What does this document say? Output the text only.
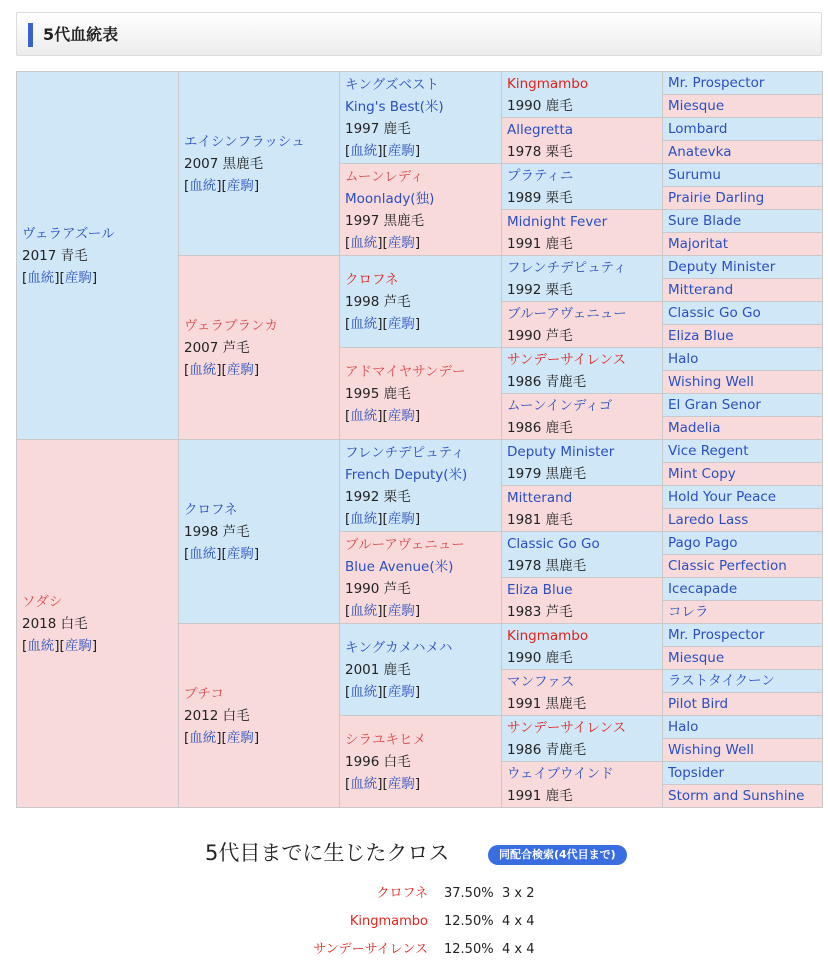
5代血統表
ヴェラアズール
2017 青毛
[血統][産駒]	エイシンフラッシュ
2007 黒鹿毛
[血統][産駒]	キングズベスト
King's Best(米)
1997 鹿毛
[血統][産駒]	Kingmambo
1990 鹿毛	Mr. Prospector

				Miesque

			Allegretta
1978 栗毛	Lombard

				Anatevka

		ムーンレディ
Moonlady(独)
1997 黒鹿毛
[血統][産駒]	プラティニ
1989 栗毛	Surumu

				Prairie Darling

			Midnight Fever
1991 鹿毛	Sure Blade

				Majoritat

	ヴェラブランカ
2007 芦毛
[血統][産駒]	クロフネ
1998 芦毛
[血統][産駒]	フレンチデピュティ
1992 栗毛	Deputy Minister

				Mitterand

			ブルーアヴェニュー
1990 芦毛	Classic Go Go

				Eliza Blue

		アドマイヤサンデー
1995 鹿毛
[血統][産駒]	サンデーサイレンス
1986 青鹿毛	Halo

				Wishing Well

			ムーンインディゴ
1986 鹿毛	El Gran Senor

				Madelia

ソダシ
2018 白毛
[血統][産駒]	クロフネ
1998 芦毛
[血統][産駒]	フレンチデピュティ
French Deputy(米)
1992 栗毛
[血統][産駒]	Deputy Minister
1979 黒鹿毛	Vice Regent

				Mint Copy

			Mitterand
1981 鹿毛	Hold Your Peace

				Laredo Lass

		ブルーアヴェニュー
Blue Avenue(米)
1990 芦毛
[血統][産駒]	Classic Go Go
1978 黒鹿毛	Pago Pago

				Classic Perfection

			Eliza Blue
1983 芦毛	Icecapade

				コレラ

	ブチコ
2012 白毛
[血統][産駒]	キングカメハメハ
2001 鹿毛
[血統][産駒]	Kingmambo
1990 鹿毛	Mr. Prospector

				Miesque

			マンファス
1991 黒鹿毛	ラストタイクーン

				Pilot Bird

		シラユキヒメ
1996 白毛
[血統][産駒]	サンデーサイレンス
1986 青鹿毛	Halo

				Wishing Well

			ウェイブウインド
1991 鹿毛	Topsider

				Storm and Sunshine
5代目までに生じたクロス	同配合検索(4代目まで)
クロフネ 37.50% 3 x 2
Kingmambo 12.50% 4 x 4
サンデーサイレンス 12.50% 4 x 4
